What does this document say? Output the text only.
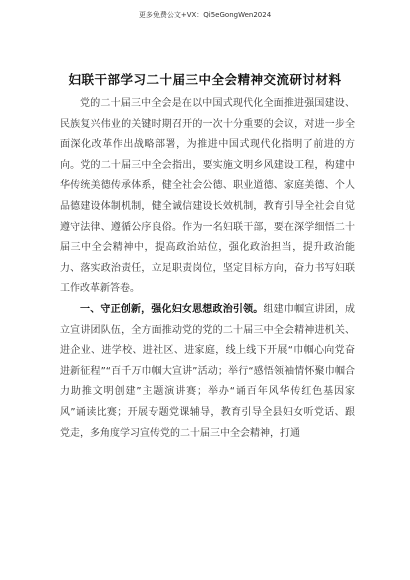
更多免费公文+VX：Qi5eGongWen2024
妇联干部学习二十届三中全会精神交流研讨材料

党的二十届三中全会是在以中国式现代化全面推进强国建设、民族复兴伟业的关键时期召开的一次十分重要的会议，对进一步全面深化改革作出战略部署，为推进中国式现代化指明了前进的方向。党的二十届三中全会指出，要实施文明乡风建设工程，构建中华传统美德传承体系，健全社会公德、职业道德、家庭美德、个人品德建设体制机制，健全诚信建设长效机制，教育引导全社会自觉遵守法律、遵循公序良俗。作为一名妇联干部，要在深学细悟二十届三中全会精神中，提高政治站位，强化政治担当，提升政治能力、落实政治责任，立足职责岗位，坚定目标方向，奋力书写妇联工作改革新答卷。

一、守正创新，强化妇女思想政治引领。组建巾帼宣讲团，成立宣讲团队伍，全方面推动党的党的二十届三中全会精神进机关、进企业、进学校、进社区、进家庭，线上线下开展“巾帼心向党奋进新征程”“百千万巾帼大宣讲”活动；举行“感悟领袖情怀聚巾帼合力助推文明创建”主题演讲赛；举办“诵百年风华传红色基因家风”诵读比赛；开展专题党课辅导，教育引导全县妇女听党话、跟党走，多角度学习宣传党的二十届三中全会精神，打通
